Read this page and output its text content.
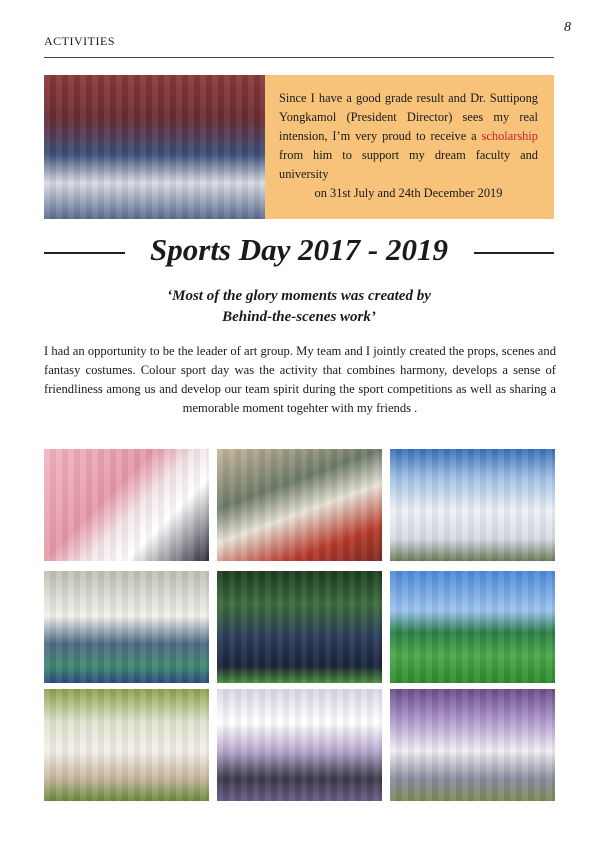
ACTIVITIES
8
Since I have a good grade result and Dr. Suttipong Yongkamol (President Director) sees my real intension, I’m very proud to receive a scholarship from him to support my dream faculty and university
on 31st July and 24th December 2019
Sports Day 2017 - 2019
‘Most of the glory moments was created by
Behind-the-scenes work’
I had an opportunity to be the leader of art group. My team and I jointly created the props, scenes and fantasy costumes. Colour sport day was the activity that combines harmony, develops a sense of friendliness among us and develop our team spirit during the sport competitions as well as sharing a memorable moment togehter with my friends .
